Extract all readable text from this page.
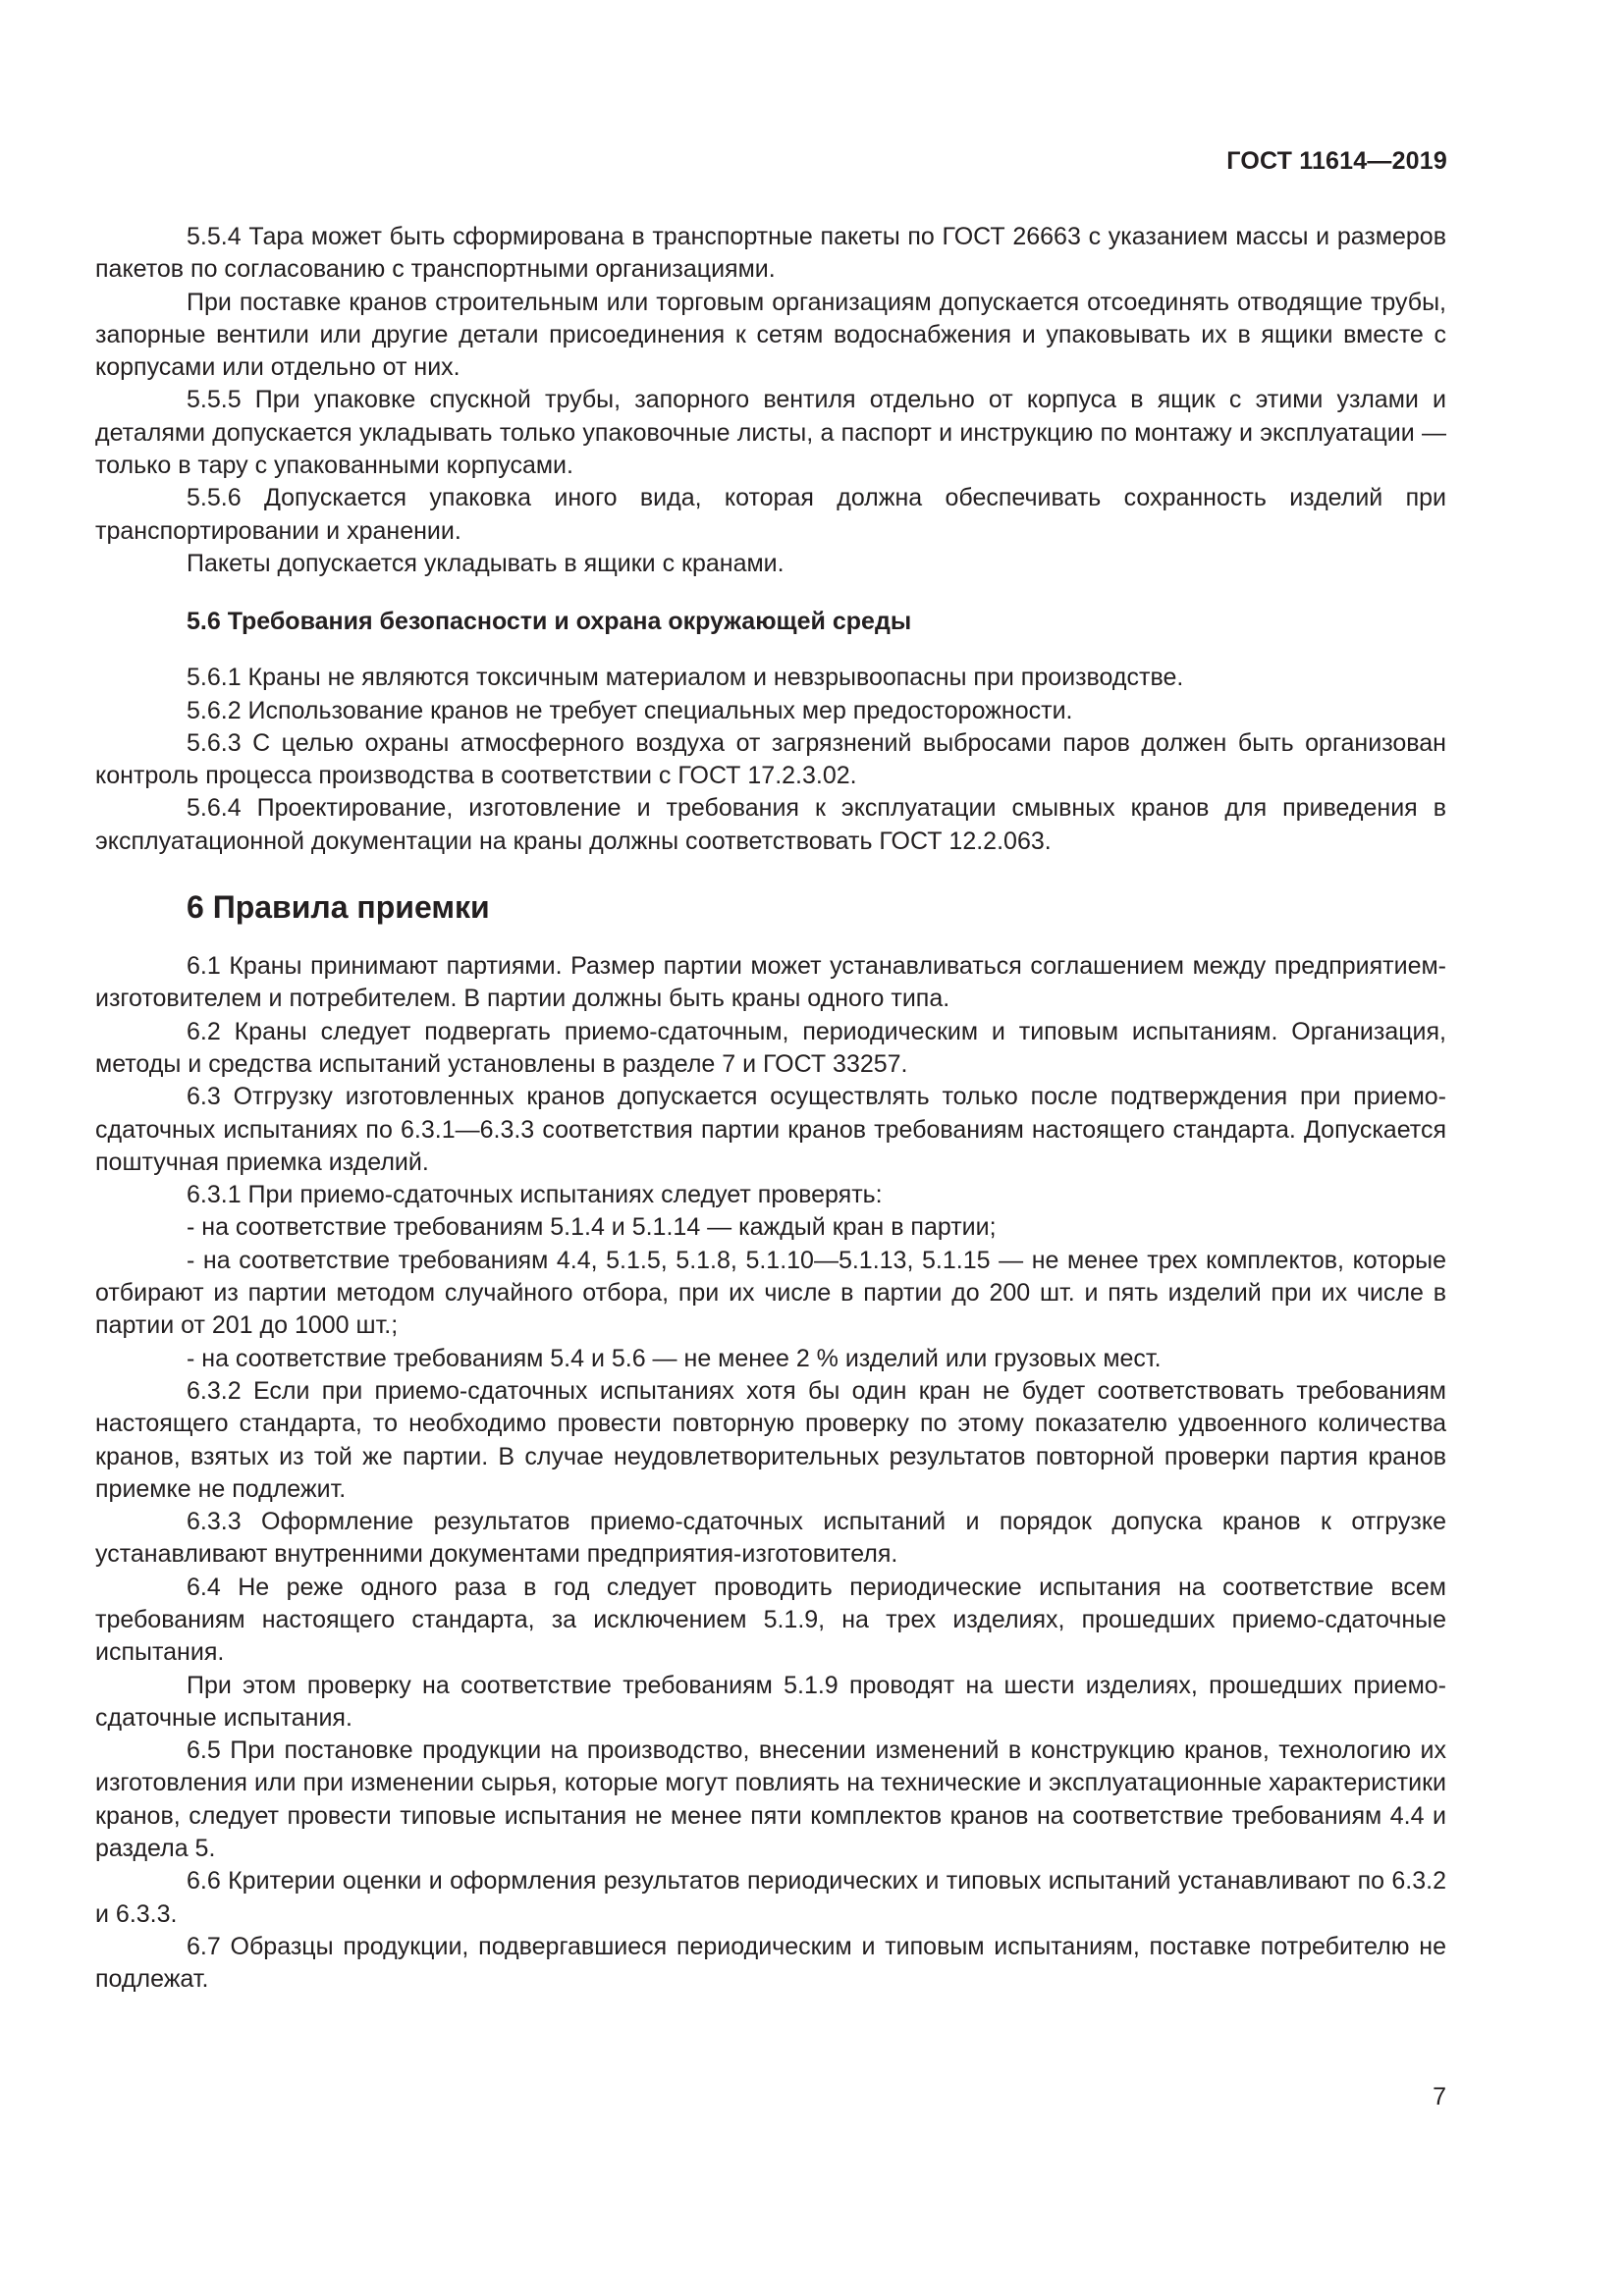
ГОСТ 11614—2019

5.5.4 Тара может быть сформирована в транспортные пакеты по ГОСТ 26663 с указанием массы и размеров пакетов по согласованию с транспортными организациями.

При поставке кранов строительным или торговым организациям допускается отсоединять отводящие трубы, запорные вентили или другие детали присоединения к сетям водоснабжения и упаковывать их в ящики вместе с корпусами или отдельно от них.

5.5.5 При упаковке спускной трубы, запорного вентиля отдельно от корпуса в ящик с этими узлами и деталями допускается укладывать только упаковочные листы, а паспорт и инструкцию по монтажу и эксплуатации — только в тару с упакованными корпусами.

5.5.6 Допускается упаковка иного вида, которая должна обеспечивать сохранность изделий при транспортировании и хранении.

Пакеты допускается укладывать в ящики с кранами.

5.6 Требования безопасности и охрана окружающей среды

5.6.1 Краны не являются токсичным материалом и невзрывоопасны при производстве.

5.6.2 Использование кранов не требует специальных мер предосторожности.

5.6.3 С целью охраны атмосферного воздуха от загрязнений выбросами паров должен быть организован контроль процесса производства в соответствии с ГОСТ 17.2.3.02.

5.6.4 Проектирование, изготовление и требования к эксплуатации смывных кранов для приведения в эксплуатационной документации на краны должны соответствовать ГОСТ 12.2.063.

6 Правила приемки

6.1 Краны принимают партиями. Размер партии может устанавливаться соглашением между предприятием-изготовителем и потребителем. В партии должны быть краны одного типа.

6.2 Краны следует подвергать приемо-сдаточным, периодическим и типовым испытаниям. Организация, методы и средства испытаний установлены в разделе 7 и ГОСТ 33257.

6.3 Отгрузку изготовленных кранов допускается осуществлять только после подтверждения при приемо-сдаточных испытаниях по 6.3.1—6.3.3 соответствия партии кранов требованиям настоящего стандарта. Допускается поштучная приемка изделий.

6.3.1 При приемо-сдаточных испытаниях следует проверять:

- на соответствие требованиям 5.1.4 и 5.1.14 — каждый кран в партии;

- на соответствие требованиям 4.4, 5.1.5, 5.1.8, 5.1.10—5.1.13, 5.1.15 — не менее трех комплектов, которые отбирают из партии методом случайного отбора, при их числе в партии до 200 шт. и пять изделий при их числе в партии от 201 до 1000 шт.;

- на соответствие требованиям 5.4 и 5.6 — не менее 2 % изделий или грузовых мест.

6.3.2 Если при приемо-сдаточных испытаниях хотя бы один кран не будет соответствовать требованиям настоящего стандарта, то необходимо провести повторную проверку по этому показателю удвоенного количества кранов, взятых из той же партии. В случае неудовлетворительных результатов повторной проверки партия кранов приемке не подлежит.

6.3.3 Оформление результатов приемо-сдаточных испытаний и порядок допуска кранов к отгрузке устанавливают внутренними документами предприятия-изготовителя.

6.4 Не реже одного раза в год следует проводить периодические испытания на соответствие всем требованиям настоящего стандарта, за исключением 5.1.9, на трех изделиях, прошедших приемо-сдаточные испытания.

При этом проверку на соответствие требованиям 5.1.9 проводят на шести изделиях, прошедших приемо-сдаточные испытания.

6.5 При постановке продукции на производство, внесении изменений в конструкцию кранов, технологию их изготовления или при изменении сырья, которые могут повлиять на технические и эксплуатационные характеристики кранов, следует провести типовые испытания не менее пяти комплектов кранов на соответствие требованиям 4.4 и раздела 5.

6.6 Критерии оценки и оформления результатов периодических и типовых испытаний устанавливают по 6.3.2 и 6.3.3.

6.7 Образцы продукции, подвергавшиеся периодическим и типовым испытаниям, поставке потребителю не подлежат.

7
